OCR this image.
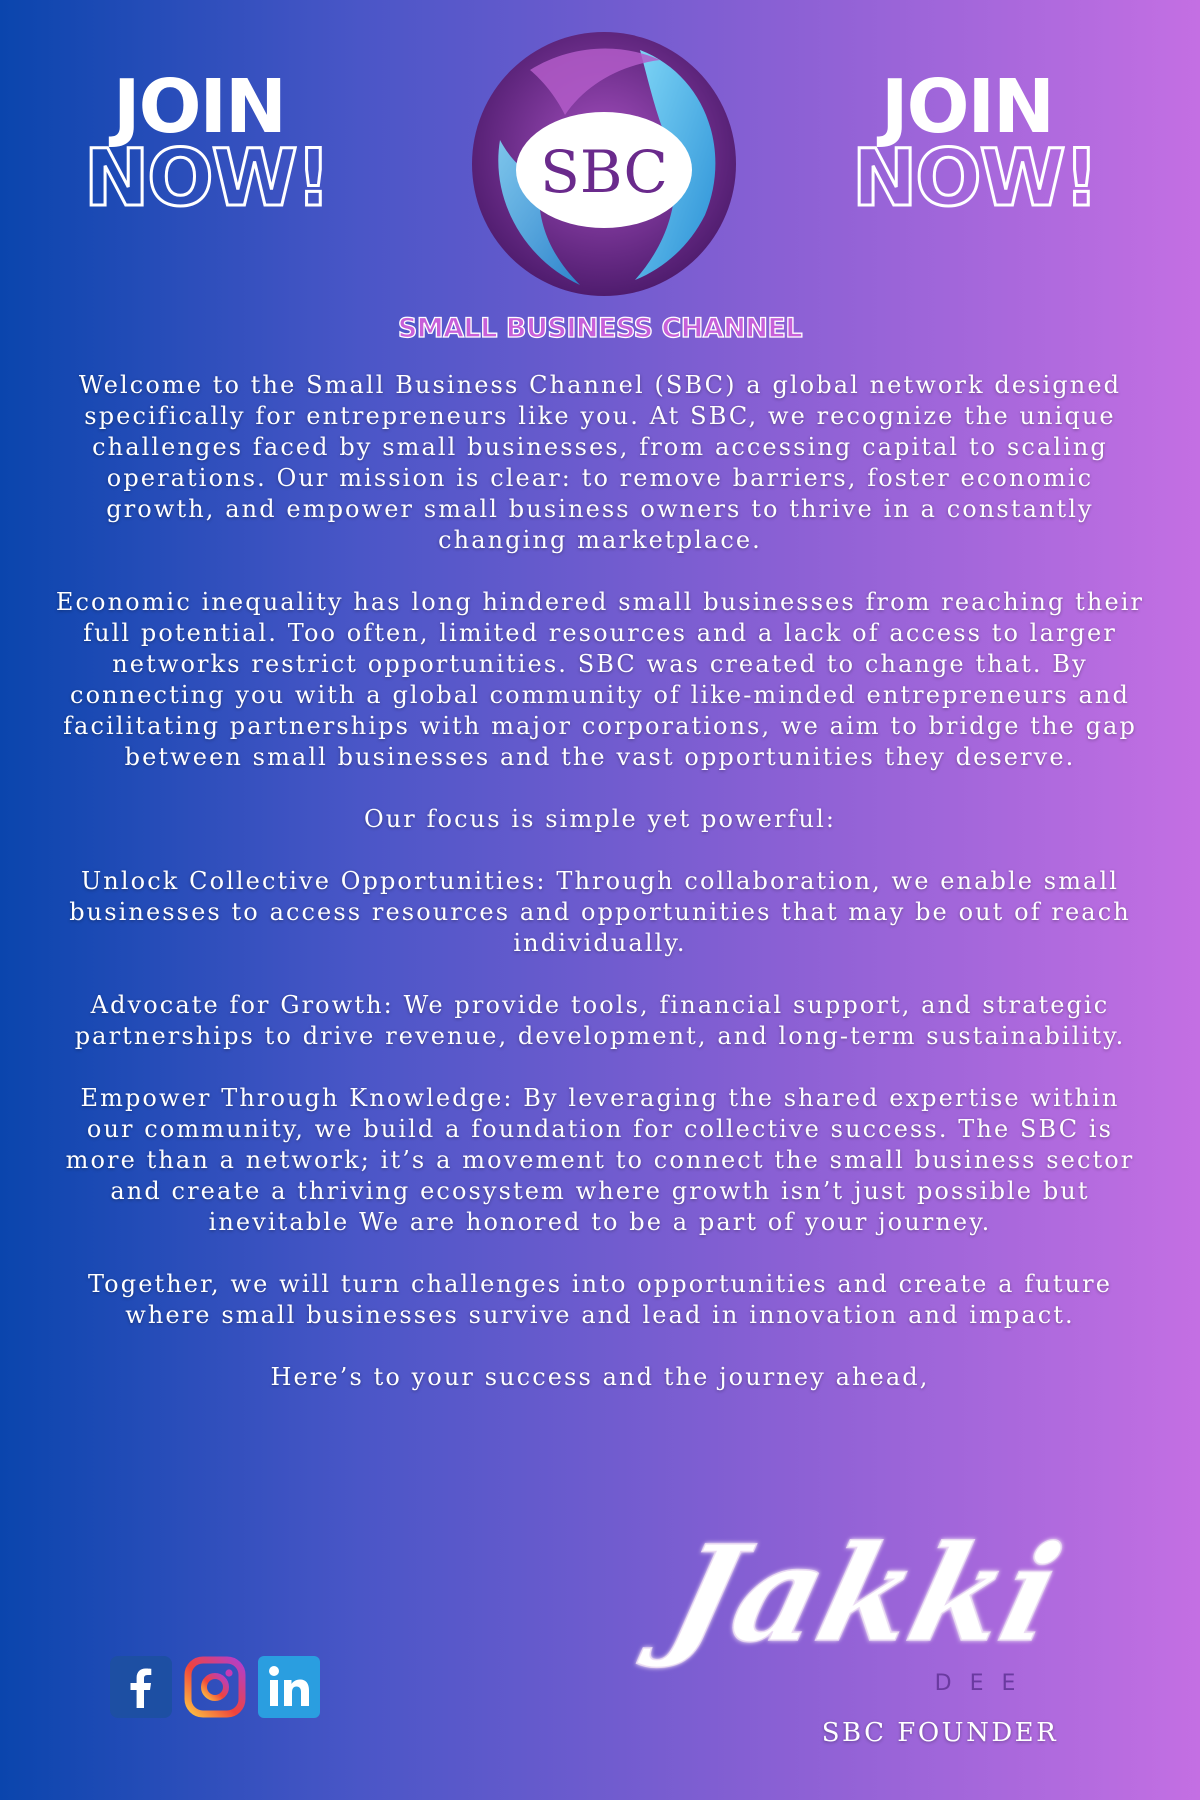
JOIN
NOW!	SBC
JOIN
NOW!
SMALL BUSINESS CHANNEL

Welcome to the Small Business Channel (SBC) a global network designed specifically for entrepreneurs like you. At SBC, we recognize the unique challenges faced by small businesses, from accessing capital to scaling operations. Our mission is clear: to remove barriers, foster economic growth, and empower small business owners to thrive in a constantly changing marketplace.

Economic inequality has long hindered small businesses from reaching their full potential. Too often, limited resources and a lack of access to larger networks restrict opportunities. SBC was created to change that. By connecting you with a global community of like-minded entrepreneurs and facilitating partnerships with major corporations, we aim to bridge the gap between small businesses and the vast opportunities they deserve.

Our focus is simple yet powerful:

Unlock Collective Opportunities: Through collaboration, we enable small businesses to access resources and opportunities that may be out of reach individually.

Advocate for Growth: We provide tools, financial support, and strategic partnerships to drive revenue, development, and long-term sustainability.

Empower Through Knowledge: By leveraging the shared expertise within our community, we build a foundation for collective success. The SBC is more than a network; it’s a movement to connect the small business sector and create a thriving ecosystem where growth isn’t just possible but inevitable We are honored to be a part of your journey.

Together, we will turn challenges into opportunities and create a future where small businesses survive and lead in innovation and impact.

Here’s to your success and the journey ahead,

Jakki
DEE
SBC FOUNDER
